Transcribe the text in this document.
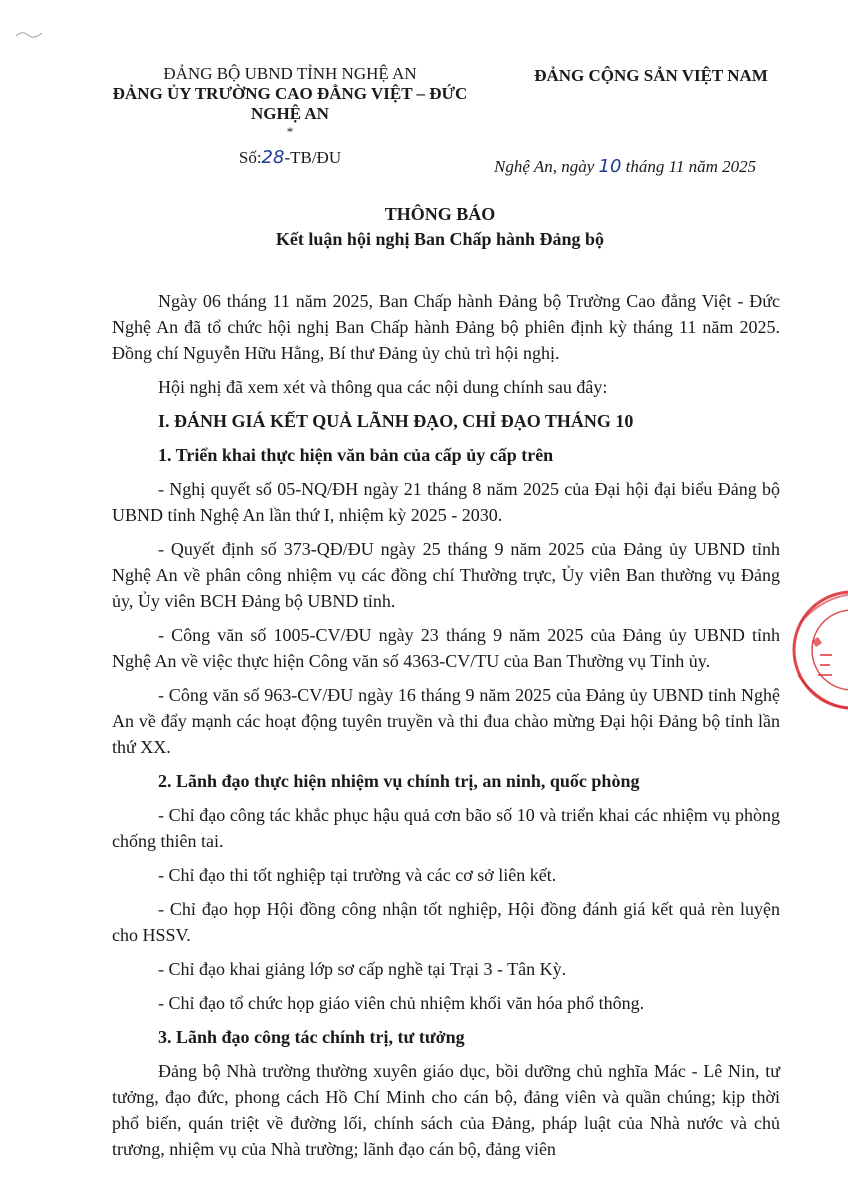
ĐẢNG BỘ UBND TỈNH NGHỆ AN
ĐẢNG ỦY TRƯỜNG CAO ĐẲNG VIỆT – ĐỨC
NGHỆ AN
*
Số:28-TB/ĐU
ĐẢNG CỘNG SẢN VIỆT NAM
Nghệ An, ngày 10 tháng 11 năm 2025
THÔNG BÁO
Kết luận hội nghị Ban Chấp hành Đảng bộ

Ngày 06 tháng 11 năm 2025, Ban Chấp hành Đảng bộ Trường Cao đẳng Việt - Đức Nghệ An đã tổ chức hội nghị Ban Chấp hành Đảng bộ phiên định kỳ tháng 11 năm 2025. Đồng chí Nguyễn Hữu Hằng, Bí thư Đảng ủy chủ trì hội nghị.

Hội nghị đã xem xét và thông qua các nội dung chính sau đây:

I. ĐÁNH GIÁ KẾT QUẢ LÃNH ĐẠO, CHỈ ĐẠO THÁNG 10
1. Triển khai thực hiện văn bản của cấp ủy cấp trên

- Nghị quyết số 05-NQ/ĐH ngày 21 tháng 8 năm 2025 của Đại hội đại biểu Đảng bộ UBND tỉnh Nghệ An lần thứ I, nhiệm kỳ 2025 - 2030.

- Quyết định số 373-QĐ/ĐU ngày 25 tháng 9 năm 2025 của Đảng ủy UBND tỉnh Nghệ An về phân công nhiệm vụ các đồng chí Thường trực, Ủy viên Ban thường vụ Đảng ủy, Ủy viên BCH Đảng bộ UBND tỉnh.

- Công văn số 1005-CV/ĐU ngày 23 tháng 9 năm 2025 của Đảng ủy UBND tỉnh Nghệ An về việc thực hiện Công văn số 4363-CV/TU của Ban Thường vụ Tỉnh ủy.

- Công văn số 963-CV/ĐU ngày 16 tháng 9 năm 2025 của Đảng ủy UBND tỉnh Nghệ An về đẩy mạnh các hoạt động tuyên truyền và thi đua chào mừng Đại hội Đảng bộ tỉnh lần thứ XX.

2. Lãnh đạo thực hiện nhiệm vụ chính trị, an ninh, quốc phòng

- Chỉ đạo công tác khắc phục hậu quả cơn bão số 10 và triển khai các nhiệm vụ phòng chống thiên tai.

- Chỉ đạo thi tốt nghiệp tại trường và các cơ sở liên kết.

- Chỉ đạo họp Hội đồng công nhận tốt nghiệp, Hội đồng đánh giá kết quả rèn luyện cho HSSV.

- Chỉ đạo khai giảng lớp sơ cấp nghề tại Trại 3 - Tân Kỳ.

- Chỉ đạo tổ chức họp giáo viên chủ nhiệm khối văn hóa phổ thông.

3. Lãnh đạo công tác chính trị, tư tưởng

Đảng bộ Nhà trường thường xuyên giáo dục, bồi dưỡng chủ nghĩa Mác - Lê Nin, tư tưởng, đạo đức, phong cách Hồ Chí Minh cho cán bộ, đảng viên và quần chúng; kịp thời phổ biến, quán triệt về đường lối, chính sách của Đảng, pháp luật của Nhà nước và chủ trương, nhiệm vụ của Nhà trường; lãnh đạo cán bộ, đảng viên
